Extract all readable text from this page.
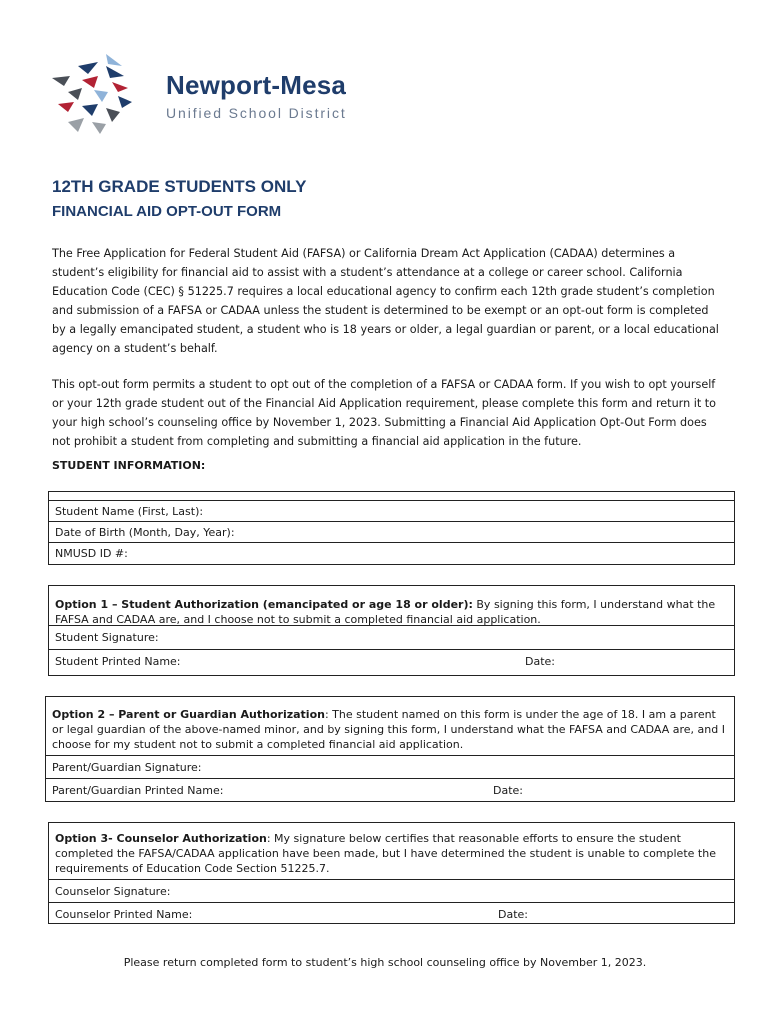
Newport-Mesa
Unified School District
12TH GRADE STUDENTS ONLY
FINANCIAL AID OPT-OUT FORM
The Free Application for Federal Student Aid (FAFSA) or California Dream Act Application (CADAA) determines a student’s eligibility for financial aid to assist with a student’s attendance at a college or career school. California Education Code (CEC) § 51225.7 requires a local educational agency to confirm each 12th grade student’s completion and submission of a FAFSA or CADAA unless the student is determined to be exempt or an opt-out form is completed by a legally emancipated student, a student who is 18 years or older, a legal guardian or parent, or a local educational agency on a student’s behalf.
This opt-out form permits a student to opt out of the completion of a FAFSA or CADAA form. If you wish to opt yourself or your 12th grade student out of the Financial Aid Application requirement, please complete this form and return it to your high school’s counseling office by November 1, 2023. Submitting a Financial Aid Application Opt-Out Form does not prohibit a student from completing and submitting a financial aid application in the future.
STUDENT INFORMATION:
Student Name (First, Last):
Date of Birth (Month, Day, Year):
NMUSD ID #:
Option 1 – Student Authorization (emancipated or age 18 or older): By signing this form, I understand what the FAFSA and CADAA are, and I choose not to submit a completed financial aid application.
Student Signature:
Student Printed Name:	Date:
Option 2 – Parent or Guardian Authorization: The student named on this form is under the age of 18. I am a parent or legal guardian of the above-named minor, and by signing this form, I understand what the FAFSA and CADAA are, and I choose for my student not to submit a completed financial aid application.
Parent/Guardian Signature:
Parent/Guardian Printed Name:	Date:
Option 3- Counselor Authorization: My signature below certifies that reasonable efforts to ensure the student completed the FAFSA/CADAA application have been made, but I have determined the student is unable to complete the requirements of Education Code Section 51225.7.
Counselor Signature:
Counselor Printed Name:	Date:
Please return completed form to student’s high school counseling office by November 1, 2023.
